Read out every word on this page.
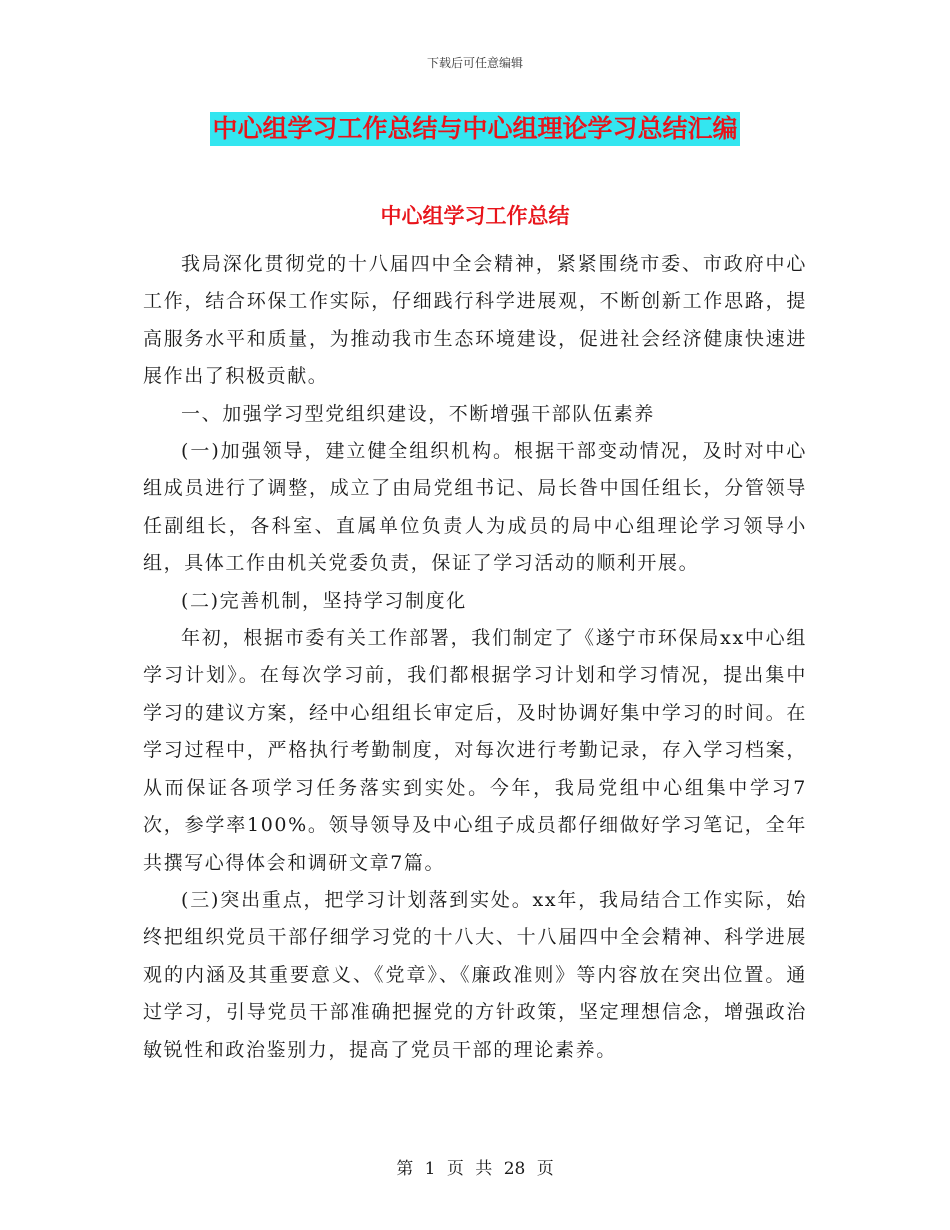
下载后可任意编辑
中心组学习工作总结与中心组理论学习总结汇编
中心组学习工作总结

我局深化贯彻党的十八届四中全会精神，紧紧围绕市委、市政府中心工作，结合环保工作实际，仔细践行科学进展观，不断创新工作思路，提高服务水平和质量，为推动我市生态环境建设，促进社会经济健康快速进展作出了积极贡献。

一、加强学习型党组织建设，不断增强干部队伍素养

(一)加强领导，建立健全组织机构。根据干部变动情况，及时对中心组成员进行了调整，成立了由局党组书记、局长昝中国任组长，分管领导任副组长，各科室、直属单位负责人为成员的局中心组理论学习领导小组，具体工作由机关党委负责，保证了学习活动的顺利开展。

(二)完善机制，坚持学习制度化

年初，根据市委有关工作部署，我们制定了《遂宁市环保局xx中心组学习计划》。在每次学习前，我们都根据学习计划和学习情况，提出集中学习的建议方案，经中心组组长审定后，及时协调好集中学习的时间。在学习过程中，严格执行考勤制度，对每次进行考勤记录，存入学习档案，从而保证各项学习任务落实到实处。今年，我局党组中心组集中学习7次，参学率100%。领导领导及中心组子成员都仔细做好学习笔记，全年共撰写心得体会和调研文章7篇。

(三)突出重点，把学习计划落到实处。xx年，我局结合工作实际，始终把组织党员干部仔细学习党的十八大、十八届四中全会精神、科学进展观的内涵及其重要意义、《党章》、《廉政准则》等内容放在突出位置。通过学习，引导党员干部准确把握党的方针政策，坚定理想信念，增强政治敏锐性和政治鉴别力，提高了党员干部的理论素养。

第 1 页 共 28 页
